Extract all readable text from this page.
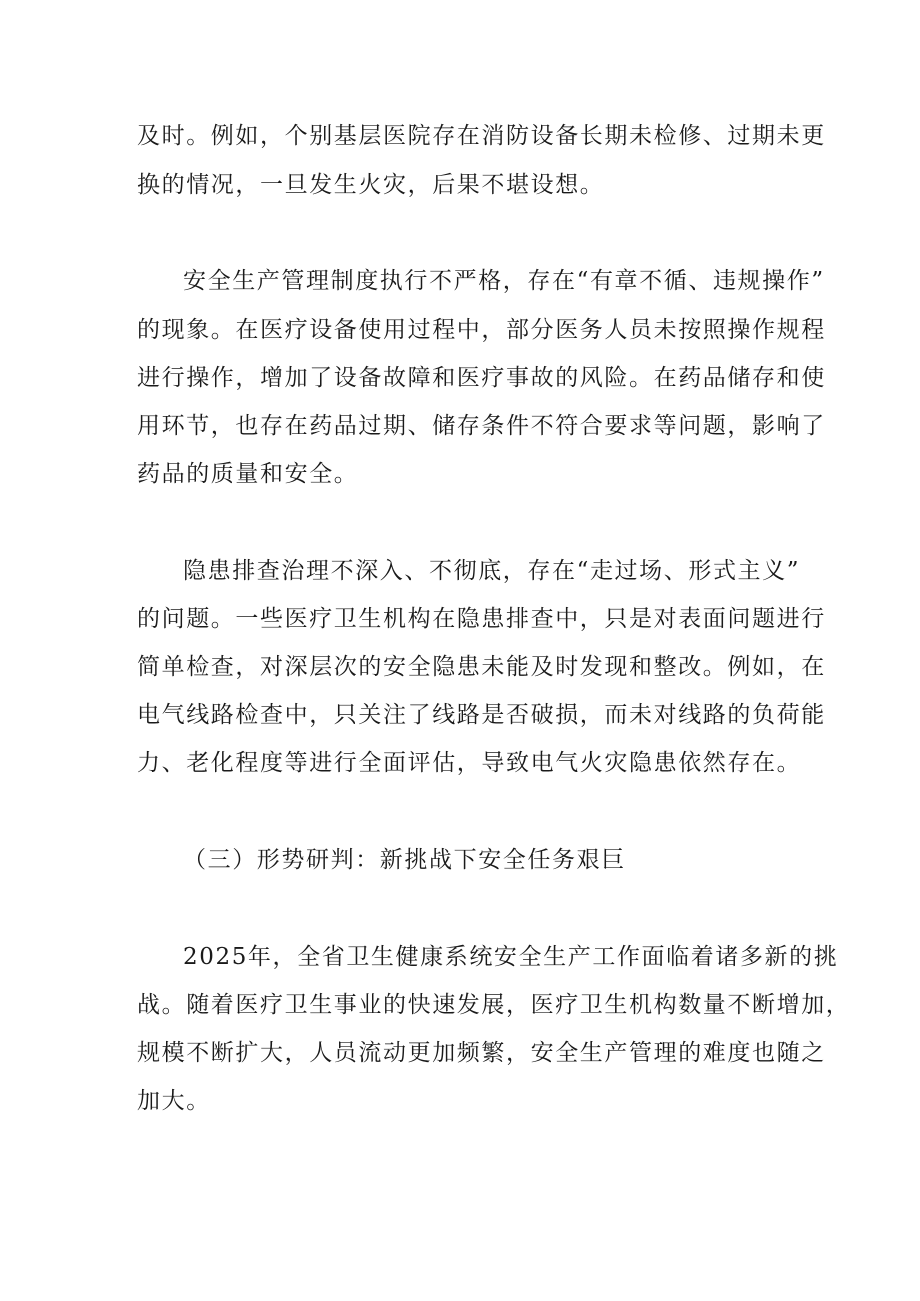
及时。例如，个别基层医院存在消防设备长期未检修、过期未更
换的情况，一旦发生火灾，后果不堪设想。
安全生产管理制度执行不严格，存在“有章不循、违规操作”
的现象。在医疗设备使用过程中，部分医务人员未按照操作规程
进行操作，增加了设备故障和医疗事故的风险。在药品储存和使
用环节，也存在药品过期、储存条件不符合要求等问题，影响了
药品的质量和安全。
隐患排查治理不深入、不彻底，存在“走过场、形式主义”
的问题。一些医疗卫生机构在隐患排查中，只是对表面问题进行
简单检查，对深层次的安全隐患未能及时发现和整改。例如，在
电气线路检查中，只关注了线路是否破损，而未对线路的负荷能
力、老化程度等进行全面评估，导致电气火灾隐患依然存在。
（三）形势研判：新挑战下安全任务艰巨
2025年，全省卫生健康系统安全生产工作面临着诸多新的挑
战。随着医疗卫生事业的快速发展，医疗卫生机构数量不断增加，
规模不断扩大，人员流动更加频繁，安全生产管理的难度也随之
加大。
